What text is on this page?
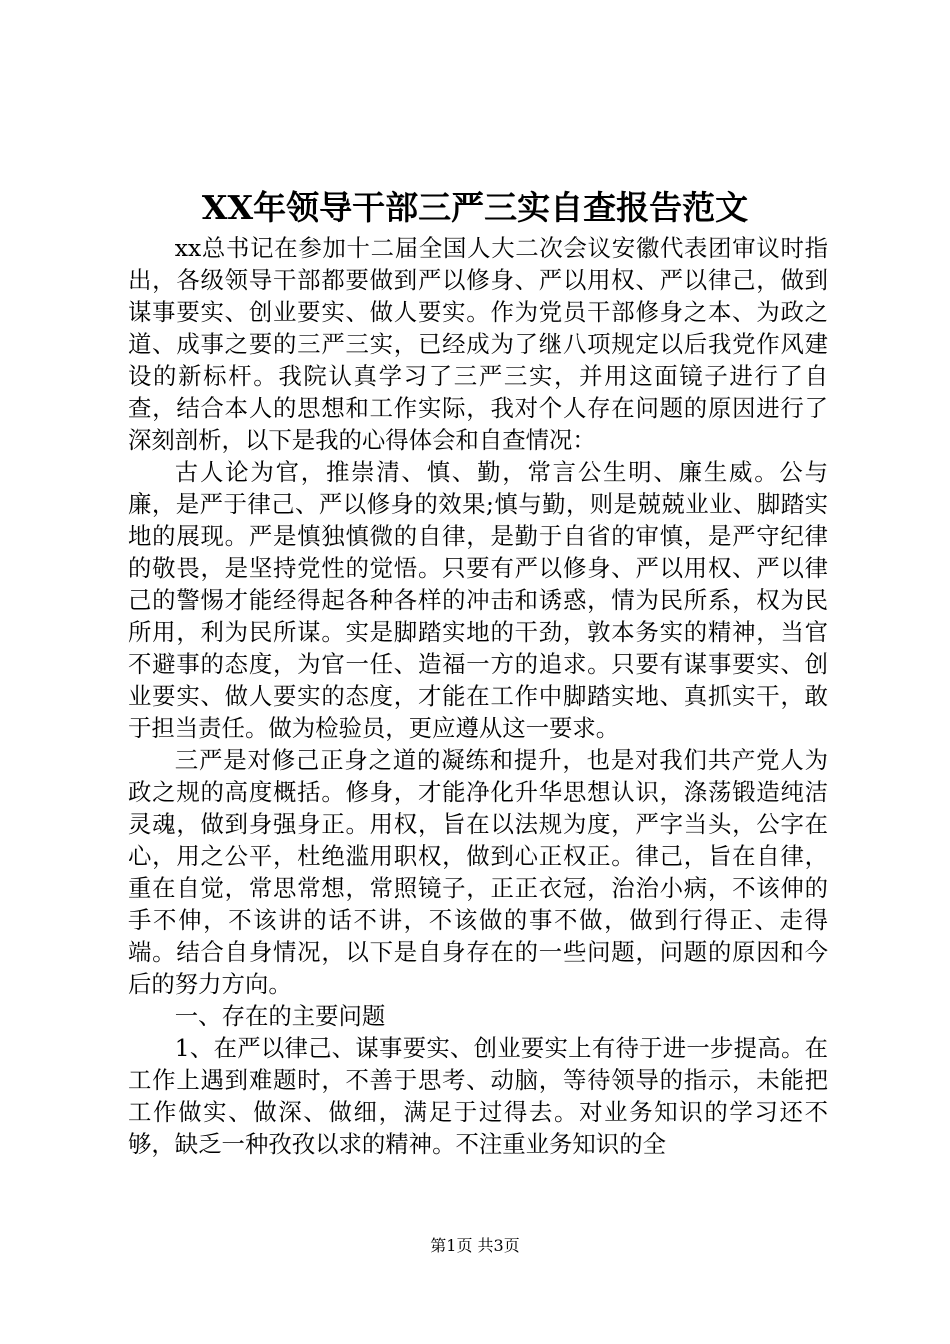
XX年领导干部三严三实自查报告范文

xx总书记在参加十二届全国人大二次会议安徽代表团审议时指出，各级领导干部都要做到严以修身、严以用权、严以律己，做到谋事要实、创业要实、做人要实。作为党员干部修身之本、为政之道、成事之要的三严三实，已经成为了继八项规定以后我党作风建设的新标杆。我院认真学习了三严三实，并用这面镜子进行了自查，结合本人的思想和工作实际，我对个人存在问题的原因进行了深刻剖析，以下是我的心得体会和自查情况：

古人论为官，推崇清、慎、勤，常言公生明、廉生威。公与廉，是严于律己、严以修身的效果;慎与勤，则是兢兢业业、脚踏实地的展现。严是慎独慎微的自律，是勤于自省的审慎，是严守纪律的敬畏，是坚持党性的觉悟。只要有严以修身、严以用权、严以律己的警惕才能经得起各种各样的冲击和诱惑，情为民所系，权为民所用，利为民所谋。实是脚踏实地的干劲，敦本务实的精神，当官不避事的态度，为官一任、造福一方的追求。只要有谋事要实、创业要实、做人要实的态度，才能在工作中脚踏实地、真抓实干，敢于担当责任。做为检验员，更应遵从这一要求。

三严是对修己正身之道的凝练和提升，也是对我们共产党人为政之规的高度概括。修身，才能净化升华思想认识，涤荡锻造纯洁灵魂，做到身强身正。用权，旨在以法规为度，严字当头，公字在心，用之公平，杜绝滥用职权，做到心正权正。律己，旨在自律，重在自觉，常思常想，常照镜子，正正衣冠，治治小病，不该伸的手不伸，不该讲的话不讲，不该做的事不做，做到行得正、走得端。结合自身情况，以下是自身存在的一些问题，问题的原因和今后的努力方向。

一、存在的主要问题

1、在严以律己、谋事要实、创业要实上有待于进一步提高。在工作上遇到难题时，不善于思考、动脑，等待领导的指示，未能把工作做实、做深、做细，满足于过得去。对业务知识的学习还不够，缺乏一种孜孜以求的精神。不注重业务知识的全

第1页 共3页
